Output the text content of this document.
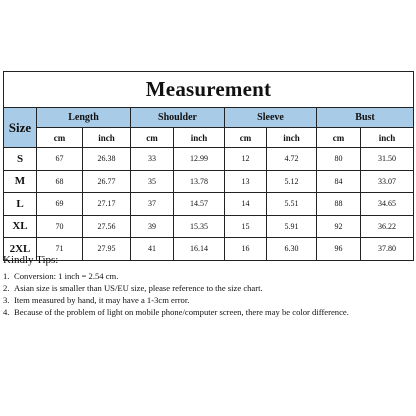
Measurement								
Size	Length		Shoulder		Sleeve		Bust	
	cm	inch	cm	inch	cm	inch	cm	inch
S	67	26.38	33	12.99	12	4.72	80	31.50
M	68	26.77	35	13.78	13	5.12	84	33.07
L	69	27.17	37	14.57	14	5.51	88	34.65
XL	70	27.56	39	15.35	15	5.91	92	36.22
2XL	71	27.95	41	16.14	16	6.30	96	37.80

Kindly Tips:

1. Conversion: 1 inch = 2.54 cm.
2. Asian size is smaller than US/EU size, please reference to the size chart.
3. Item measured by hand, it may have a 1-3cm error.
4. Because of the problem of light on mobile phone/computer screen, there may be color difference.
